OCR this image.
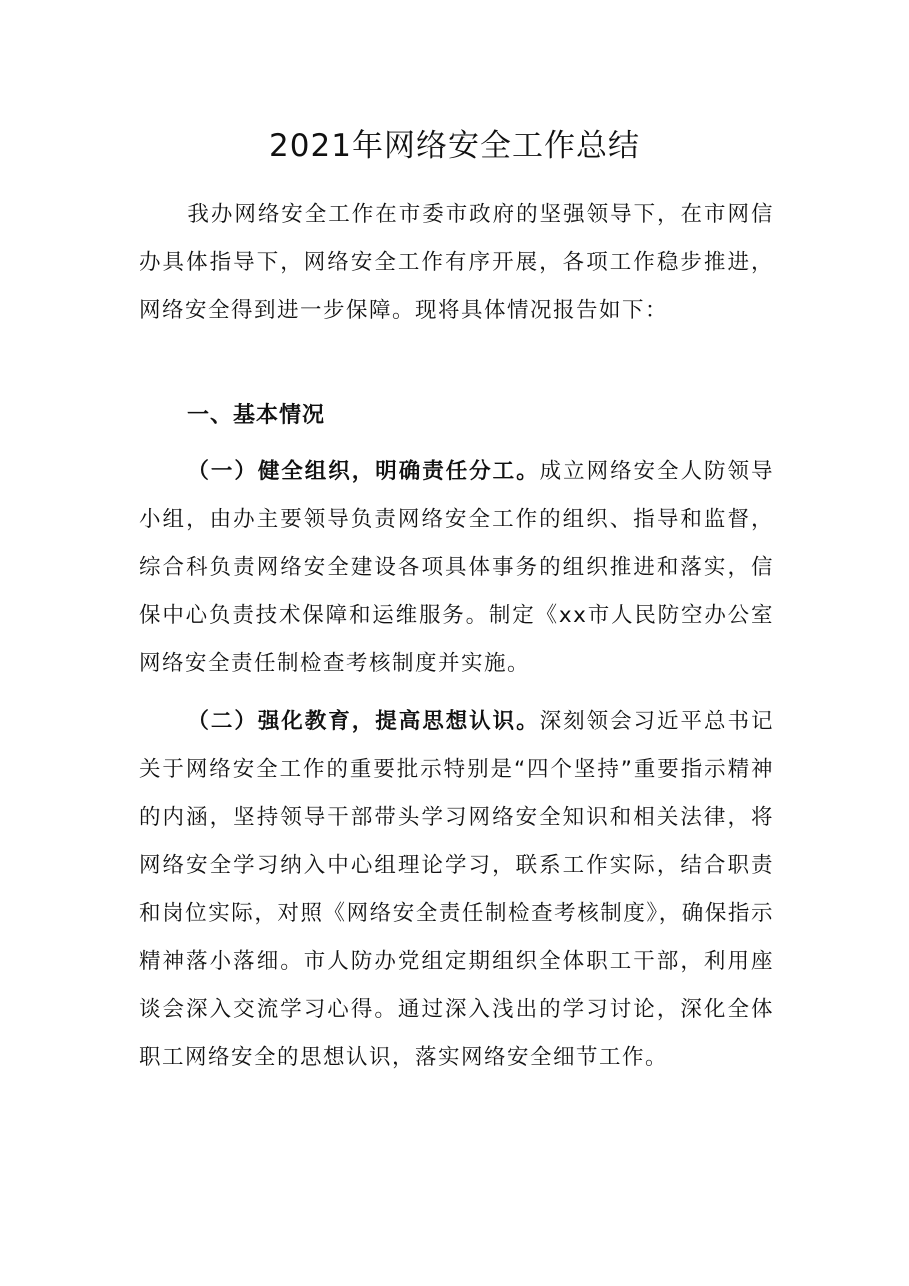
2021年网络安全工作总结

我办网络安全工作在市委市政府的坚强领导下，在市网信办具体指导下，网络安全工作有序开展，各项工作稳步推进，网络安全得到进一步保障。现将具体情况报告如下：

一、基本情况

（一）健全组织，明确责任分工。成立网络安全人防领导小组，由办主要领导负责网络安全工作的组织、指导和监督，综合科负责网络安全建设各项具体事务的组织推进和落实，信保中心负责技术保障和运维服务。制定《xx市人民防空办公室网络安全责任制检查考核制度并实施。

（二）强化教育，提高思想认识。深刻领会习近平总书记关于网络安全工作的重要批示特别是“四个坚持”重要指示精神的内涵，坚持领导干部带头学习网络安全知识和相关法律，将网络安全学习纳入中心组理论学习，联系工作实际，结合职责和岗位实际，对照《网络安全责任制检查考核制度》，确保指示精神落小落细。市人防办党组定期组织全体职工干部，利用座谈会深入交流学习心得。通过深入浅出的学习讨论，深化全体职工网络安全的思想认识，落实网络安全细节工作。
